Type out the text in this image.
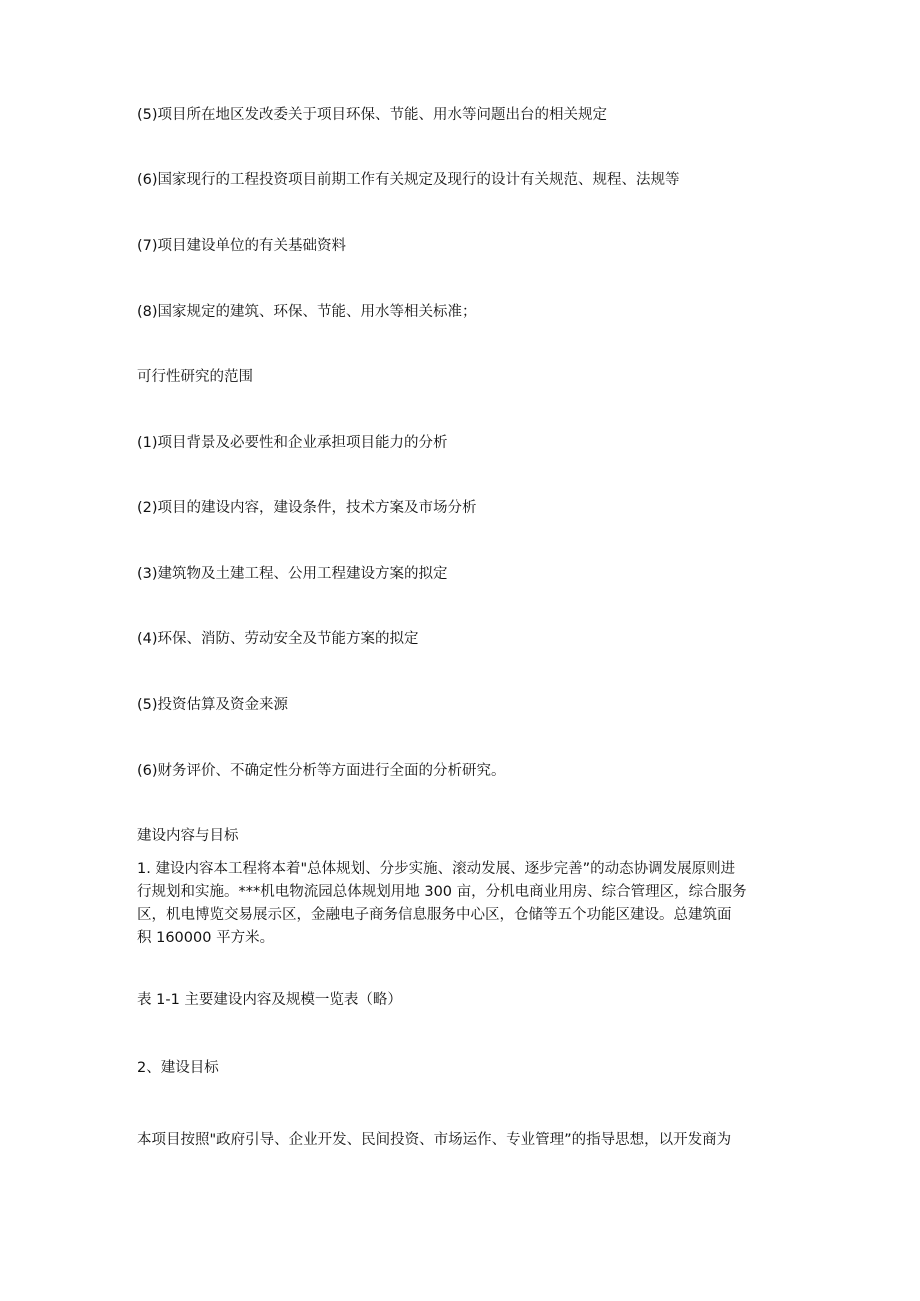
(5)项目所在地区发改委关于项目环保、节能、用水等问题出台的相关规定
(6)国家现行的工程投资项目前期工作有关规定及现行的设计有关规范、规程、法规等
(7)项目建设单位的有关基础资料
(8)国家规定的建筑、环保、节能、用水等相关标准；
可行性研究的范围
(1)项目背景及必要性和企业承担项目能力的分析
(2)项目的建设内容，建设条件，技术方案及市场分析
(3)建筑物及土建工程、公用工程建设方案的拟定
(4)环保、消防、劳动安全及节能方案的拟定
(5)投资估算及资金来源
(6)财务评价、不确定性分析等方面进行全面的分析研究。
建设内容与目标
1. 建设内容本工程将本着"总体规划、分步实施、滚动发展、逐步完善”的动态协调发展原则进
行规划和实施。***机电物流园总体规划用地 300 亩，分机电商业用房、综合管理区，综合服务
区，机电博览交易展示区，金融电子商务信息服务中心区，仓储等五个功能区建设。总建筑面
积 160000 平方米。
表 1-1 主要建设内容及规模一览表（略）
2、建设目标
本项目按照"政府引导、企业开发、民间投资、市场运作、专业管理”的指导思想，以开发商为
